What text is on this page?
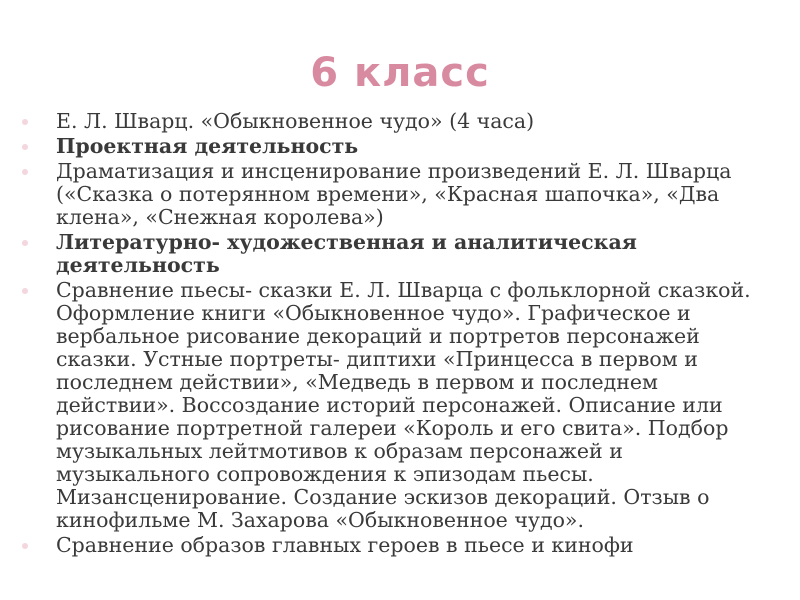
6 класс
Е. Л. Шварц. «Обыкновенное чудо» (4 часа)
Проектная деятельность
Драматизация и инсценирование произведений Е. Л. Шварца («Сказка о потерянном времени», «Красная шапочка», «Два клена», «Снежная королева»)
Литературно- художественная и аналитическая деятельность
Сравнение пьесы- сказки Е. Л. Шварца с фольклорной сказкой. Оформление книги «Обыкновенное чудо». Графическое и вербальное рисование декораций и портретов персонажей сказки. Устные портреты- диптихи «Принцесса в первом и последнем действии», «Медведь в первом и последнем действии». Воссоздание историй персонажей. Описание или рисование портретной галереи «Король и его свита». Подбор музыкальных лейтмотивов к образам персонажей и музыкального сопровождения к эпизодам пьесы. Мизансценирование. Создание эскизов декораций. Отзыв о кинофильме М. Захарова «Обыкновенное чудо».
Сравнение образов главных героев в пьесе и кинофи
